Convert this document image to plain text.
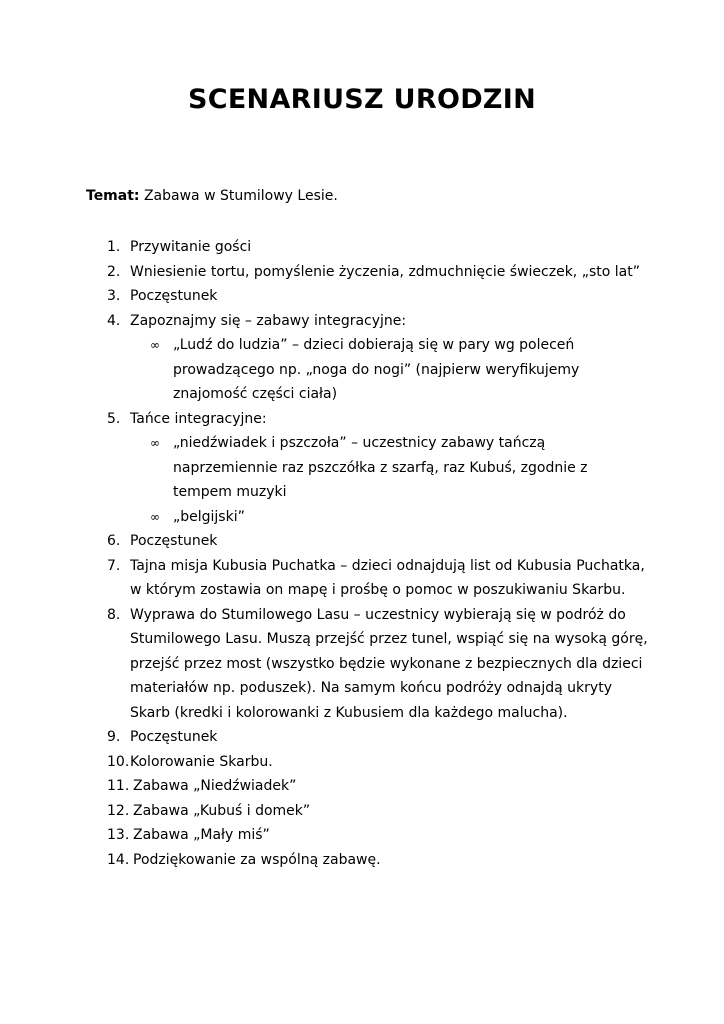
SCENARIUSZ URODZIN
Temat: Zabawa w Stumilowy Lesie.
1. Przywitanie gości
2. Wniesienie tortu, pomyślenie życzenia, zdmuchnięcie świeczek, „sto lat”
3. Poczęstunek
4. Zapoznajmy się – zabawy integracyjne:
∞ „Ludź do ludzia” – dzieci dobierają się w pary wg poleceń prowadzącego np. „noga do nogi” (najpierw weryfikujemy znajomość części ciała)
5. Tańce integracyjne:
∞ „niedźwiadek i pszczoła” – uczestnicy zabawy tańczą naprzemiennie raz pszczółka z szarfą, raz Kubuś, zgodnie z tempem muzyki
∞ „belgijski”
6. Poczęstunek
7. Tajna misja Kubusia Puchatka – dzieci odnajdują list od Kubusia Puchatka, w którym zostawia on mapę i prośbę o pomoc w poszukiwaniu Skarbu.
8. Wyprawa do Stumilowego Lasu – uczestnicy wybierają się w podróż do Stumilowego Lasu. Muszą przejść przez tunel, wspiąć się na wysoką górę, przejść przez most (wszystko będzie wykonane z bezpiecznych dla dzieci materiałów np. poduszek). Na samym końcu podróży odnajdą ukryty Skarb (kredki i kolorowanki z Kubusiem dla każdego malucha).
9. Poczęstunek
10. Kolorowanie Skarbu.
11. Zabawa „Niedźwiadek”
12. Zabawa „Kubuś i domek”
13. Zabawa „Mały miś”
14. Podziękowanie za wspólną zabawę.
